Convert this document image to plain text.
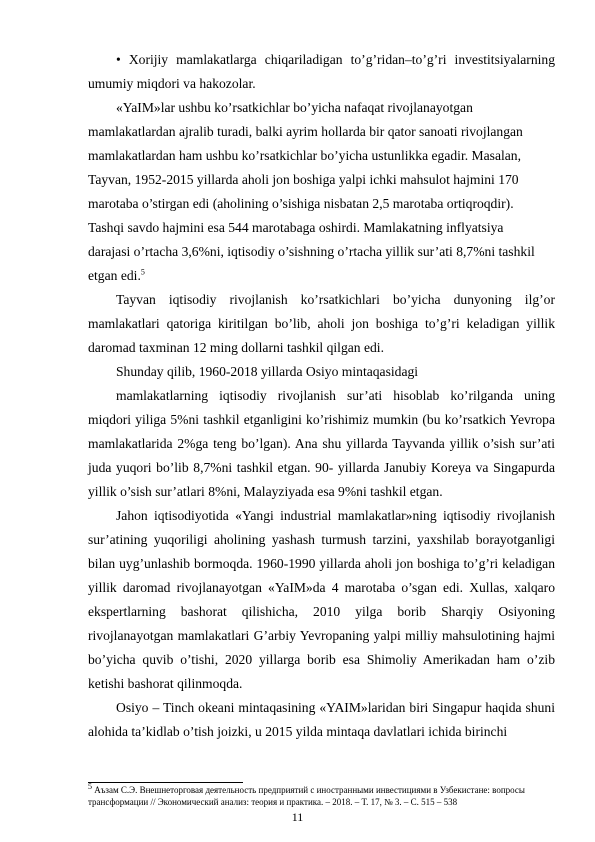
• Xorijiy mamlakatlarga chiqariladigan to’g’ridan–to’g’ri investitsiyalarning umumiy miqdori va hakozolar.

«YaIM»lar ushbu ko’rsatkichlar bo’yicha nafaqat rivojlanayotgan

mamlakatlardan ajralib turadi, balki ayrim hollarda bir qator sanoati rivojlangan

mamlakatlardan ham ushbu ko’rsatkichlar bo’yicha ustunlikka egadir. Masalan,

Tayvan, 1952-2015 yillarda aholi jon boshiga yalpi ichki mahsulot hajmini 170

marotaba o’stirgan edi (aholining o’sishiga nisbatan 2,5 marotaba ortiqroqdir).

Tashqi savdo hajmini esa 544 marotabaga oshirdi. Mamlakatning inflyatsiya

darajasi o’rtacha 3,6%ni, iqtisodiy o’sishning o’rtacha yillik sur’ati 8,7%ni tashkil

etgan edi.$^5$

Tayvan iqtisodiy rivojlanish ko’rsatkichlari bo’yicha dunyoning ilg’or mamlakatlari qatoriga kiritilgan bo’lib, aholi jon boshiga to’g’ri keladigan yillik daromad taxminan 12 ming dollarni tashkil qilgan edi.

Shunday qilib, 1960-2018 yillarda Osiyo mintaqasidagi

mamlakatlarning iqtisodiy rivojlanish sur’ati hisoblab ko’rilganda uning miqdori yiliga 5%ni tashkil etganligini ko’rishimiz mumkin (bu ko’rsatkich Yevropa mamlakatlarida 2%ga teng bo’lgan). Ana shu yillarda Tayvanda yillik o’sish sur’ati juda yuqori bo’lib 8,7%ni tashkil etgan. 90- yillarda Janubiy Koreya va Singapurda yillik o’sish sur’atlari 8%ni, Malayziyada esa 9%ni tashkil etgan.

Jahon iqtisodiyotida «Yangi industrial mamlakatlar»ning iqtisodiy rivojlanish sur’atining yuqoriligi aholining yashash turmush tarzini, yaxshilab borayotganligi bilan uyg’unlashib bormoqda. 1960-1990 yillarda aholi jon boshiga to’g’ri keladigan yillik daromad rivojlanayotgan «YaIM»da 4 marotaba o’sgan edi. Xullas, xalqaro ekspertlarning bashorat qilishicha, 2010 yilga borib Sharqiy Osiyoning rivojlanayotgan mamlakatlari G’arbiy Yevropaning yalpi milliy mahsulotining hajmi bo’yicha quvib o’tishi, 2020 yillarga borib esa Shimoliy Amerikadan ham o’zib ketishi bashorat qilinmoqda.

Osiyo – Tinch okeani mintaqasining «YAIM»laridan biri Singapur haqida shuni alohida ta’kidlab o’tish joizki, u 2015 yilda mintaqa davlatlari ichida birinchi

$^5$ Аъзам С.Э. Внешнеторговая деятельность предприятий с иностранными инвестициями в Узбекистане: вопросы трансформации // Экономический анализ: теория и практика. – 2018. – Т. 17, № 3. – С. 515 – 538
11
